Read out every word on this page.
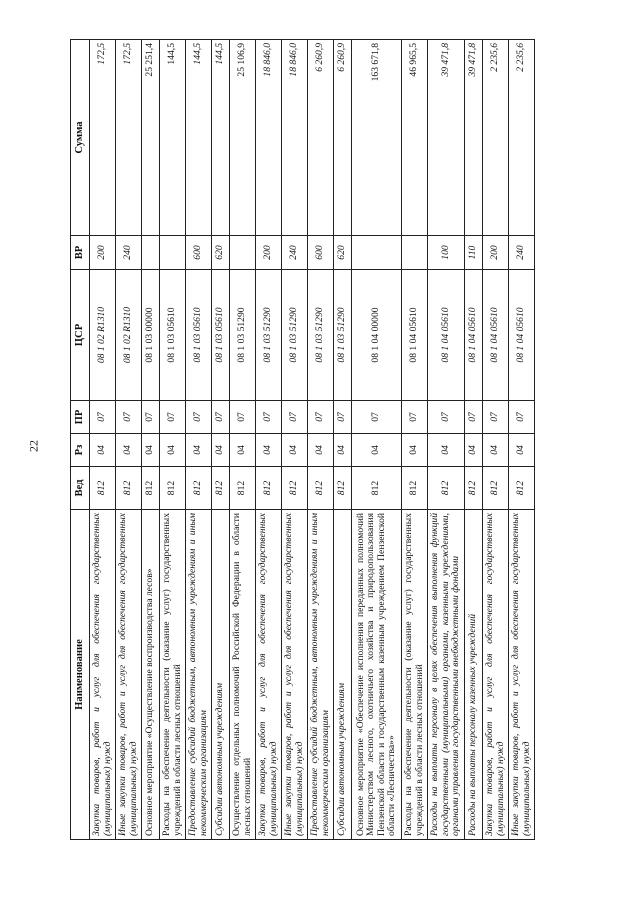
22
Наименование	Вед	Рз	ПР	ЦСР	ВР	Сумма
Закупка товаров, работ и услуг для обеспечения государственных (муниципальных) нужд	812	04	07	08 1 02 R1310	200	172,5
Иные закупки товаров, работ и услуг для обеспечения государственных (муниципальных) нужд	812	04	07	08 1 02 R1310	240	172,5
Основное мероприятие «Осуществление воспроизводства лесов»	812	04	07	08 1 03 00000		25 251,4
Расходы на обеспечение деятельности (оказание услуг) государственных учреждений в области лесных отношений	812	04	07	08 1 03 05610		144,5
Предоставление субсидий бюджетным, автономным учреждениям и иным некоммерческим организациям	812	04	07	08 1 03 05610	600	144,5
Субсидии автономным учреждениям	812	04	07	08 1 03 05610	620	144,5
Осуществление отдельных полномочий Российской Федерации в области лесных отношений	812	04	07	08 1 03 51290		25 106,9
Закупка товаров, работ и услуг для обеспечения государственных (муниципальных) нужд	812	04	07	08 1 03 51290	200	18 846,0
Иные закупки товаров, работ и услуг для обеспечения государственных (муниципальных) нужд	812	04	07	08 1 03 51290	240	18 846,0
Предоставление субсидий бюджетным, автономным учреждениям и иным некоммерческим организациям	812	04	07	08 1 03 51290	600	6 260,9
Субсидии автономным учреждениям	812	04	07	08 1 03 51290	620	6 260,9
Основное мероприятие «Обеспечение исполнения переданных полномочий Министерством лесного, охотничьего хозяйства и природопользования Пензенской области и государственным казенным учреждением Пензенской области «Лесничества»»	812	04	07	08 1 04 00000		163 671,8
Расходы на обеспечение деятельности (оказание услуг) государственных учреждений в области лесных отношений	812	04	07	08 1 04 05610		46 965,5
Расходы на выплаты персоналу в целях обеспечения выполнения функций государственными (муниципальными) органами, казенными учреждениями, органами управления государственными внебюджетными фондами	812	04	07	08 1 04 05610	100	39 471,8
Расходы на выплаты персоналу казенных учреждений	812	04	07	08 1 04 05610	110	39 471,8
Закупка товаров, работ и услуг для обеспечения государственных (муниципальных) нужд	812	04	07	08 1 04 05610	200	2 235,6
Иные закупки товаров, работ и услуг для обеспечения государственных (муниципальных) нужд	812	04	07	08 1 04 05610	240	2 235,6
